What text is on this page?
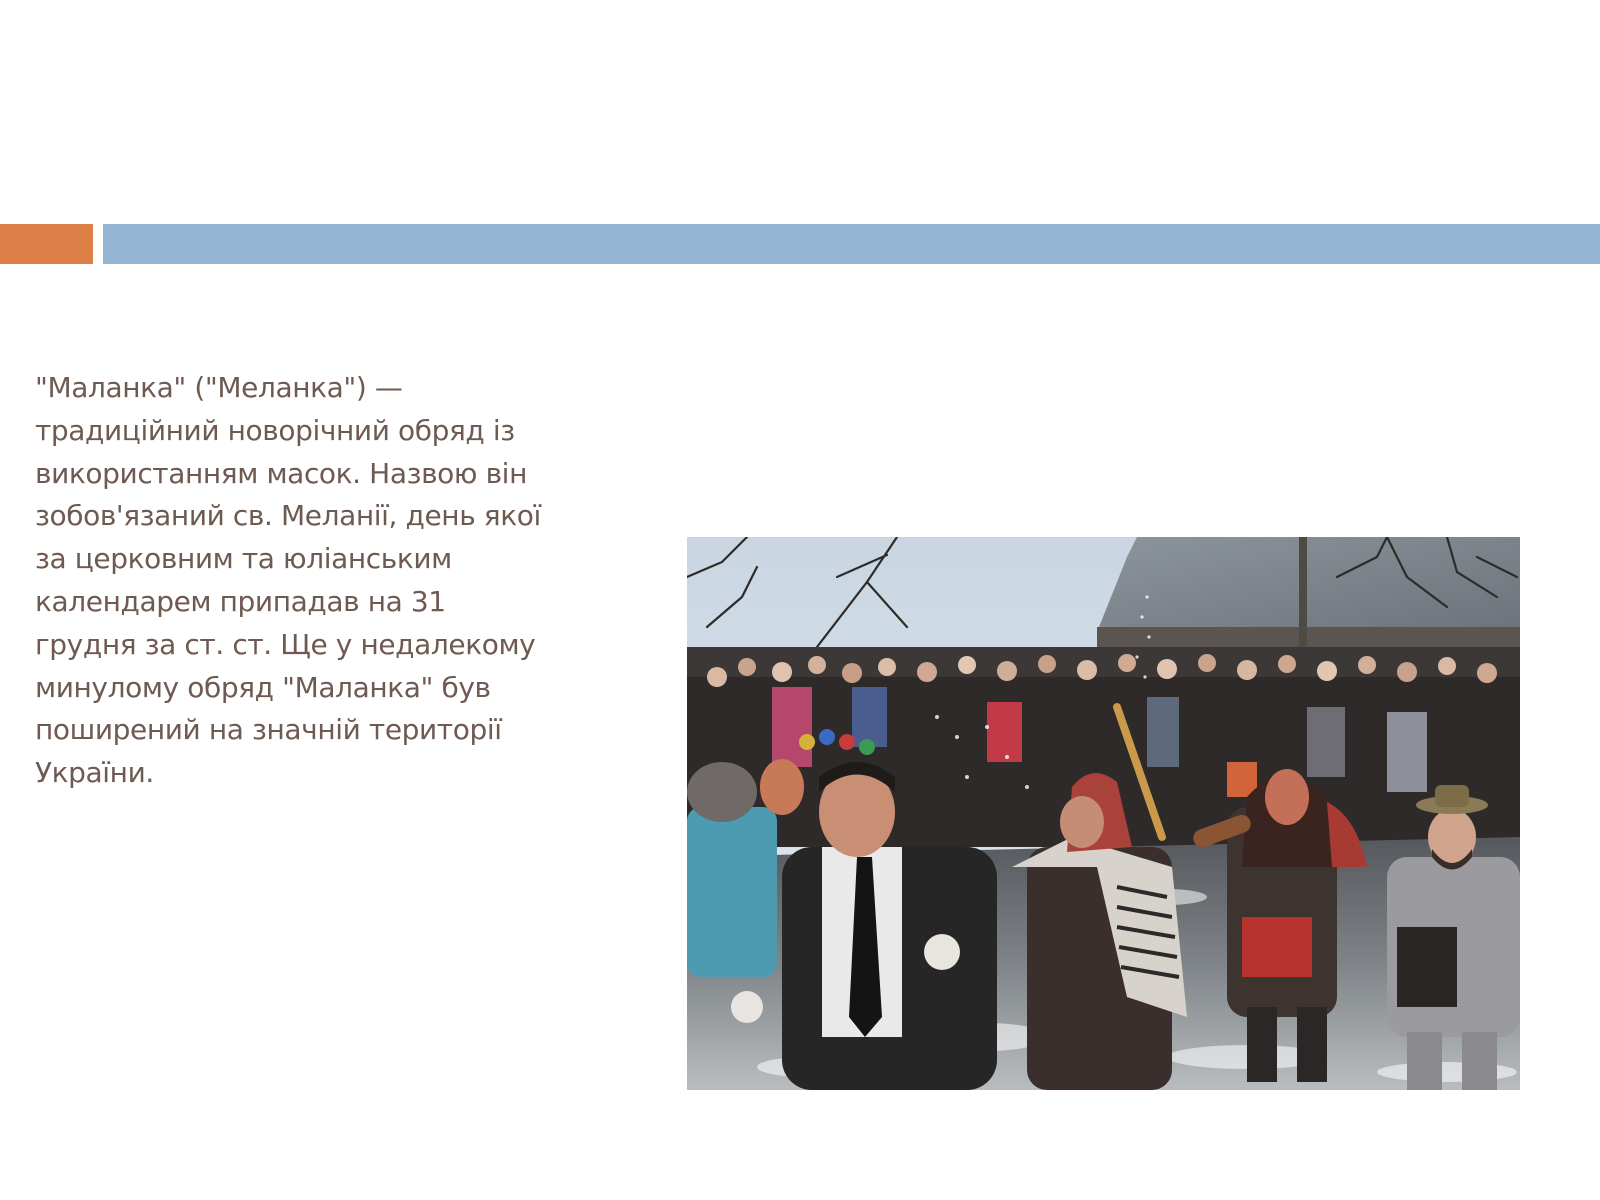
"Маланка" ("Меланка") —
традиційний новорічний обряд із
використанням масок. Назвою він
зобов'язаний св. Меланії, день якої
за церковним та юліанським
календарем припадав на 31
грудня за ст. ст. Ще у недалекому
минулому обряд "Маланка" був
поширений на значній території
України.
